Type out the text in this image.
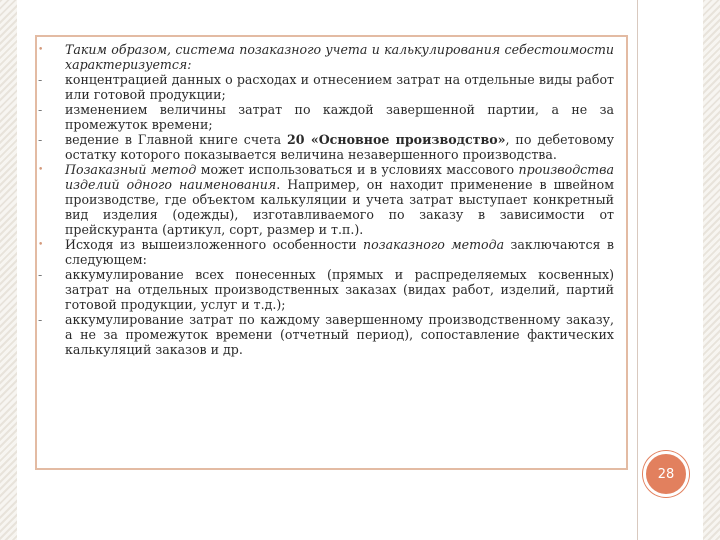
•	Таким образом, система позаказного учета и калькулирования себестоимости характеризуется:
-	концентрацией данных о расходах и отнесением затрат на отдельные виды работ или готовой продукции;
-	изменением величины затрат по каждой завершенной партии, а не за промежуток времени;
-	ведение в Главной книге счета 20 «Основное производство», по дебетовому остатку которого показывается величина незавершенного производства.
•	Позаказный метод может использоваться и в условиях массового производства изделий одного наименования. Например, он находит применение в швейном производстве, где объектом калькуляции и учета затрат выступает конкретный вид изделия (одежды), изготавливаемого по заказу в зависимости от прейскуранта (артикул, сорт, размер и т.п.).
•	Исходя из вышеизложенного особенности позаказного метода заключаются в следующем:
-	аккумулирование всех понесенных (прямых и распределяемых косвенных) затрат на отдельных производственных заказах (видах работ, изделий, партий готовой продукции, услуг и т.д.);
-	аккумулирование затрат по каждому завершенному производственному заказу, а не за промежуток времени (отчетный период), сопоставление фактических калькуляций заказов и др.
28
